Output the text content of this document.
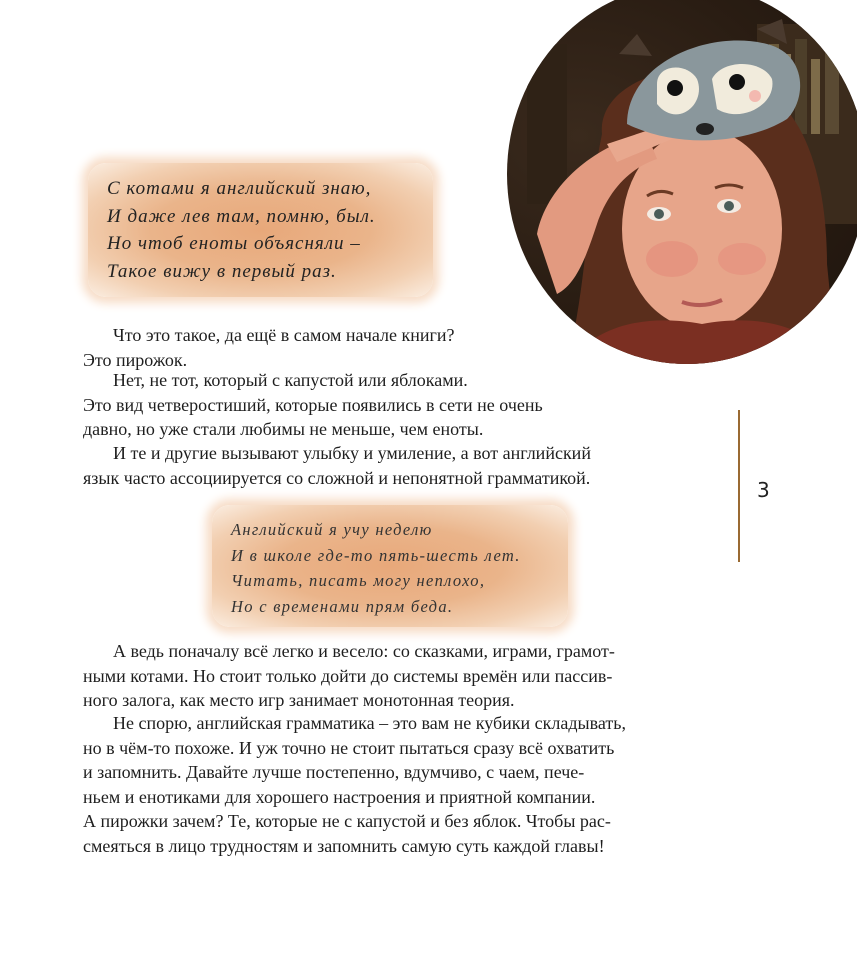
С котами я английский знаю,
И даже лев там, помню, был.
Но чтоб еноты объясняли –
Такое вижу в первый раз.
Что это такое, да ещё в самом начале книги?
Это пирожок.
Нет, не тот, который с капустой или яблоками.
Это вид четверостиший, которые появились в сети не очень
давно, но уже стали любимы не меньше, чем еноты.
И те и другие вызывают улыбку и умиление, а вот английский
язык часто ассоциируется со сложной и непонятной грамматикой.
Английский я учу неделю
И в школе где-то пять-шесть лет.
Читать, писать могу неплохо,
Но с временами прям беда.
А ведь поначалу всё легко и весело: со сказками, играми, грамот-
ными котами. Но стоит только дойти до системы времён или пассив-
ного залога, как место игр занимает монотонная теория.
Не спорю, английская грамматика – это вам не кубики складывать,
но в чём-то похоже. И уж точно не стоит пытаться сразу всё охватить
и запомнить. Давайте лучше постепенно, вдумчиво, с чаем, пече-
ньем и енотиками для хорошего настроения и приятной компании.
А пирожки зачем? Те, которые не с капустой и без яблок. Чтобы рас-
смеяться в лицо трудностям и запомнить самую суть каждой главы!
3
